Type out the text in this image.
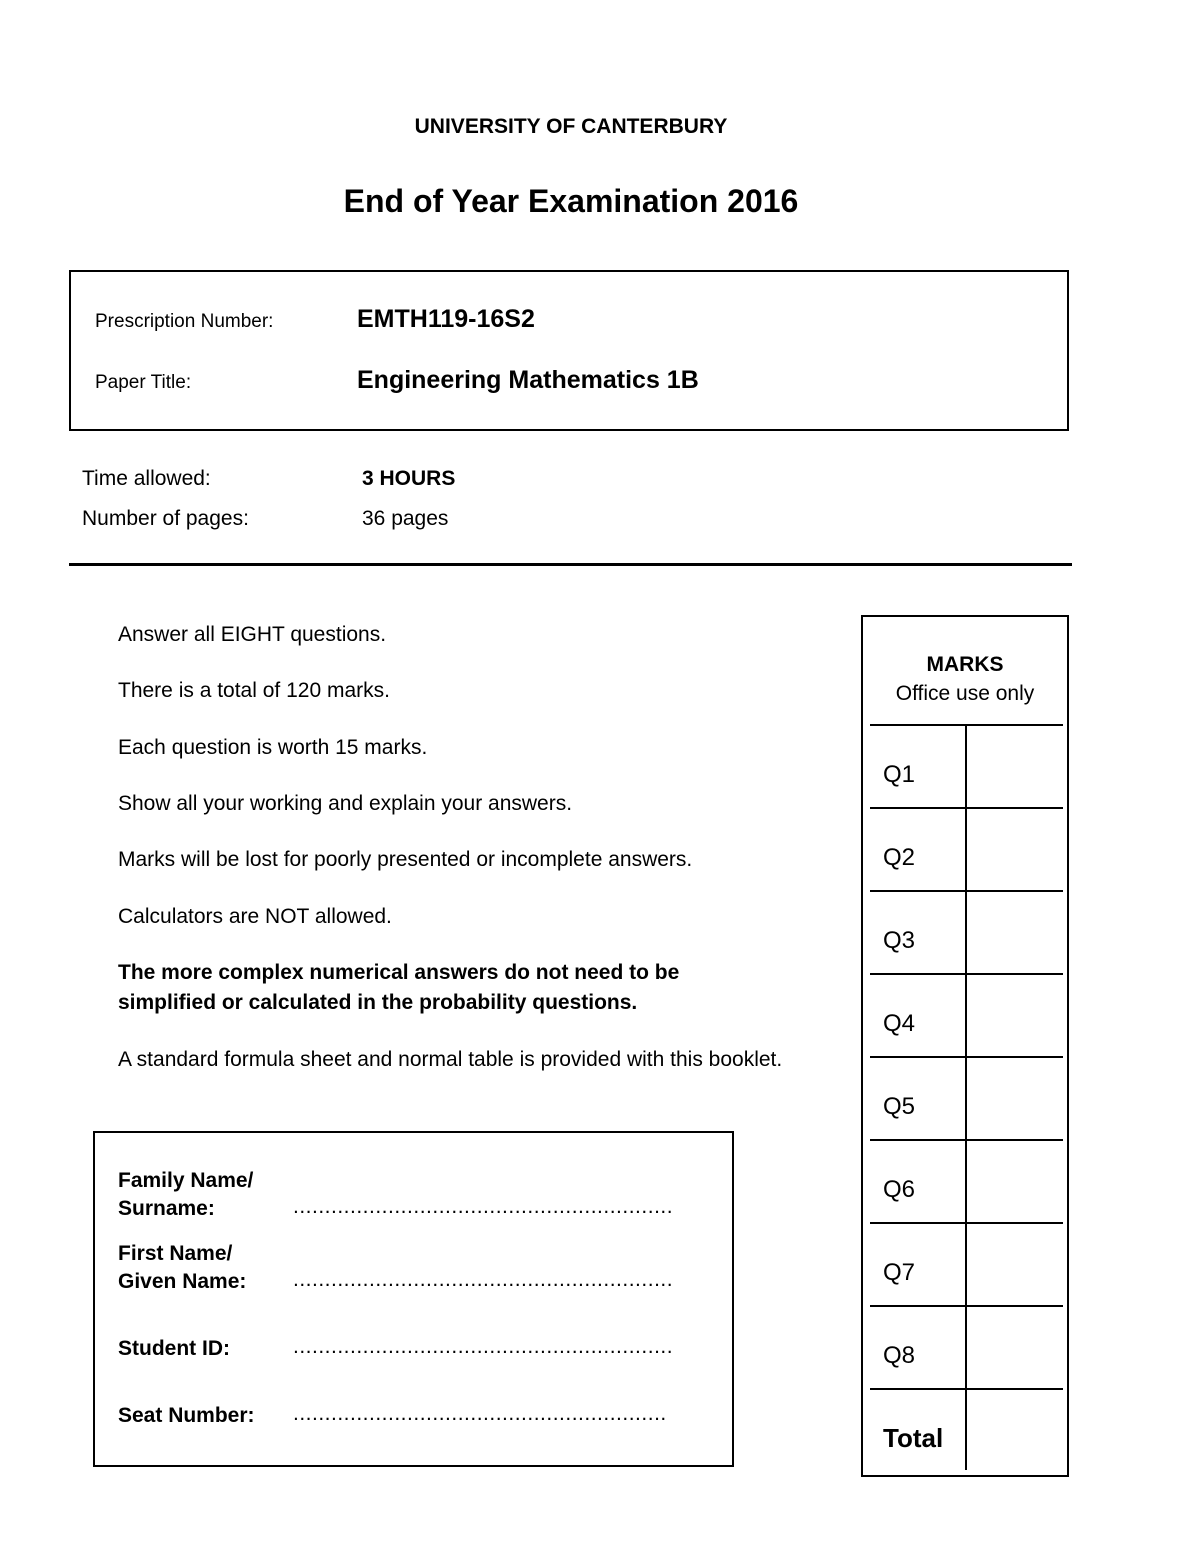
UNIVERSITY OF CANTERBURY
End of Year Examination 2016
Prescription Number:	EMTH119-16S2
Paper Title:	Engineering Mathematics 1B
Time allowed:	3 HOURS
Number of pages:	36 pages
Answer all EIGHT questions.
There is a total of 120 marks.
Each question is worth 15 marks.
Show all your working and explain your answers.
Marks will be lost for poorly presented or incomplete answers.
Calculators are NOT allowed.
The more complex numerical answers do not need to be
simplified or calculated in the probability questions.
A standard formula sheet and normal table is provided with this booklet.
Family Name/
Surname:	............................................................
First Name/
Given Name: ............................................................
Student ID:	............................................................
Seat Number: ...........................................................
MARKS
Office use only
Q1
Q2
Q3
Q4
Q5
Q6
Q7
Q8
Total
